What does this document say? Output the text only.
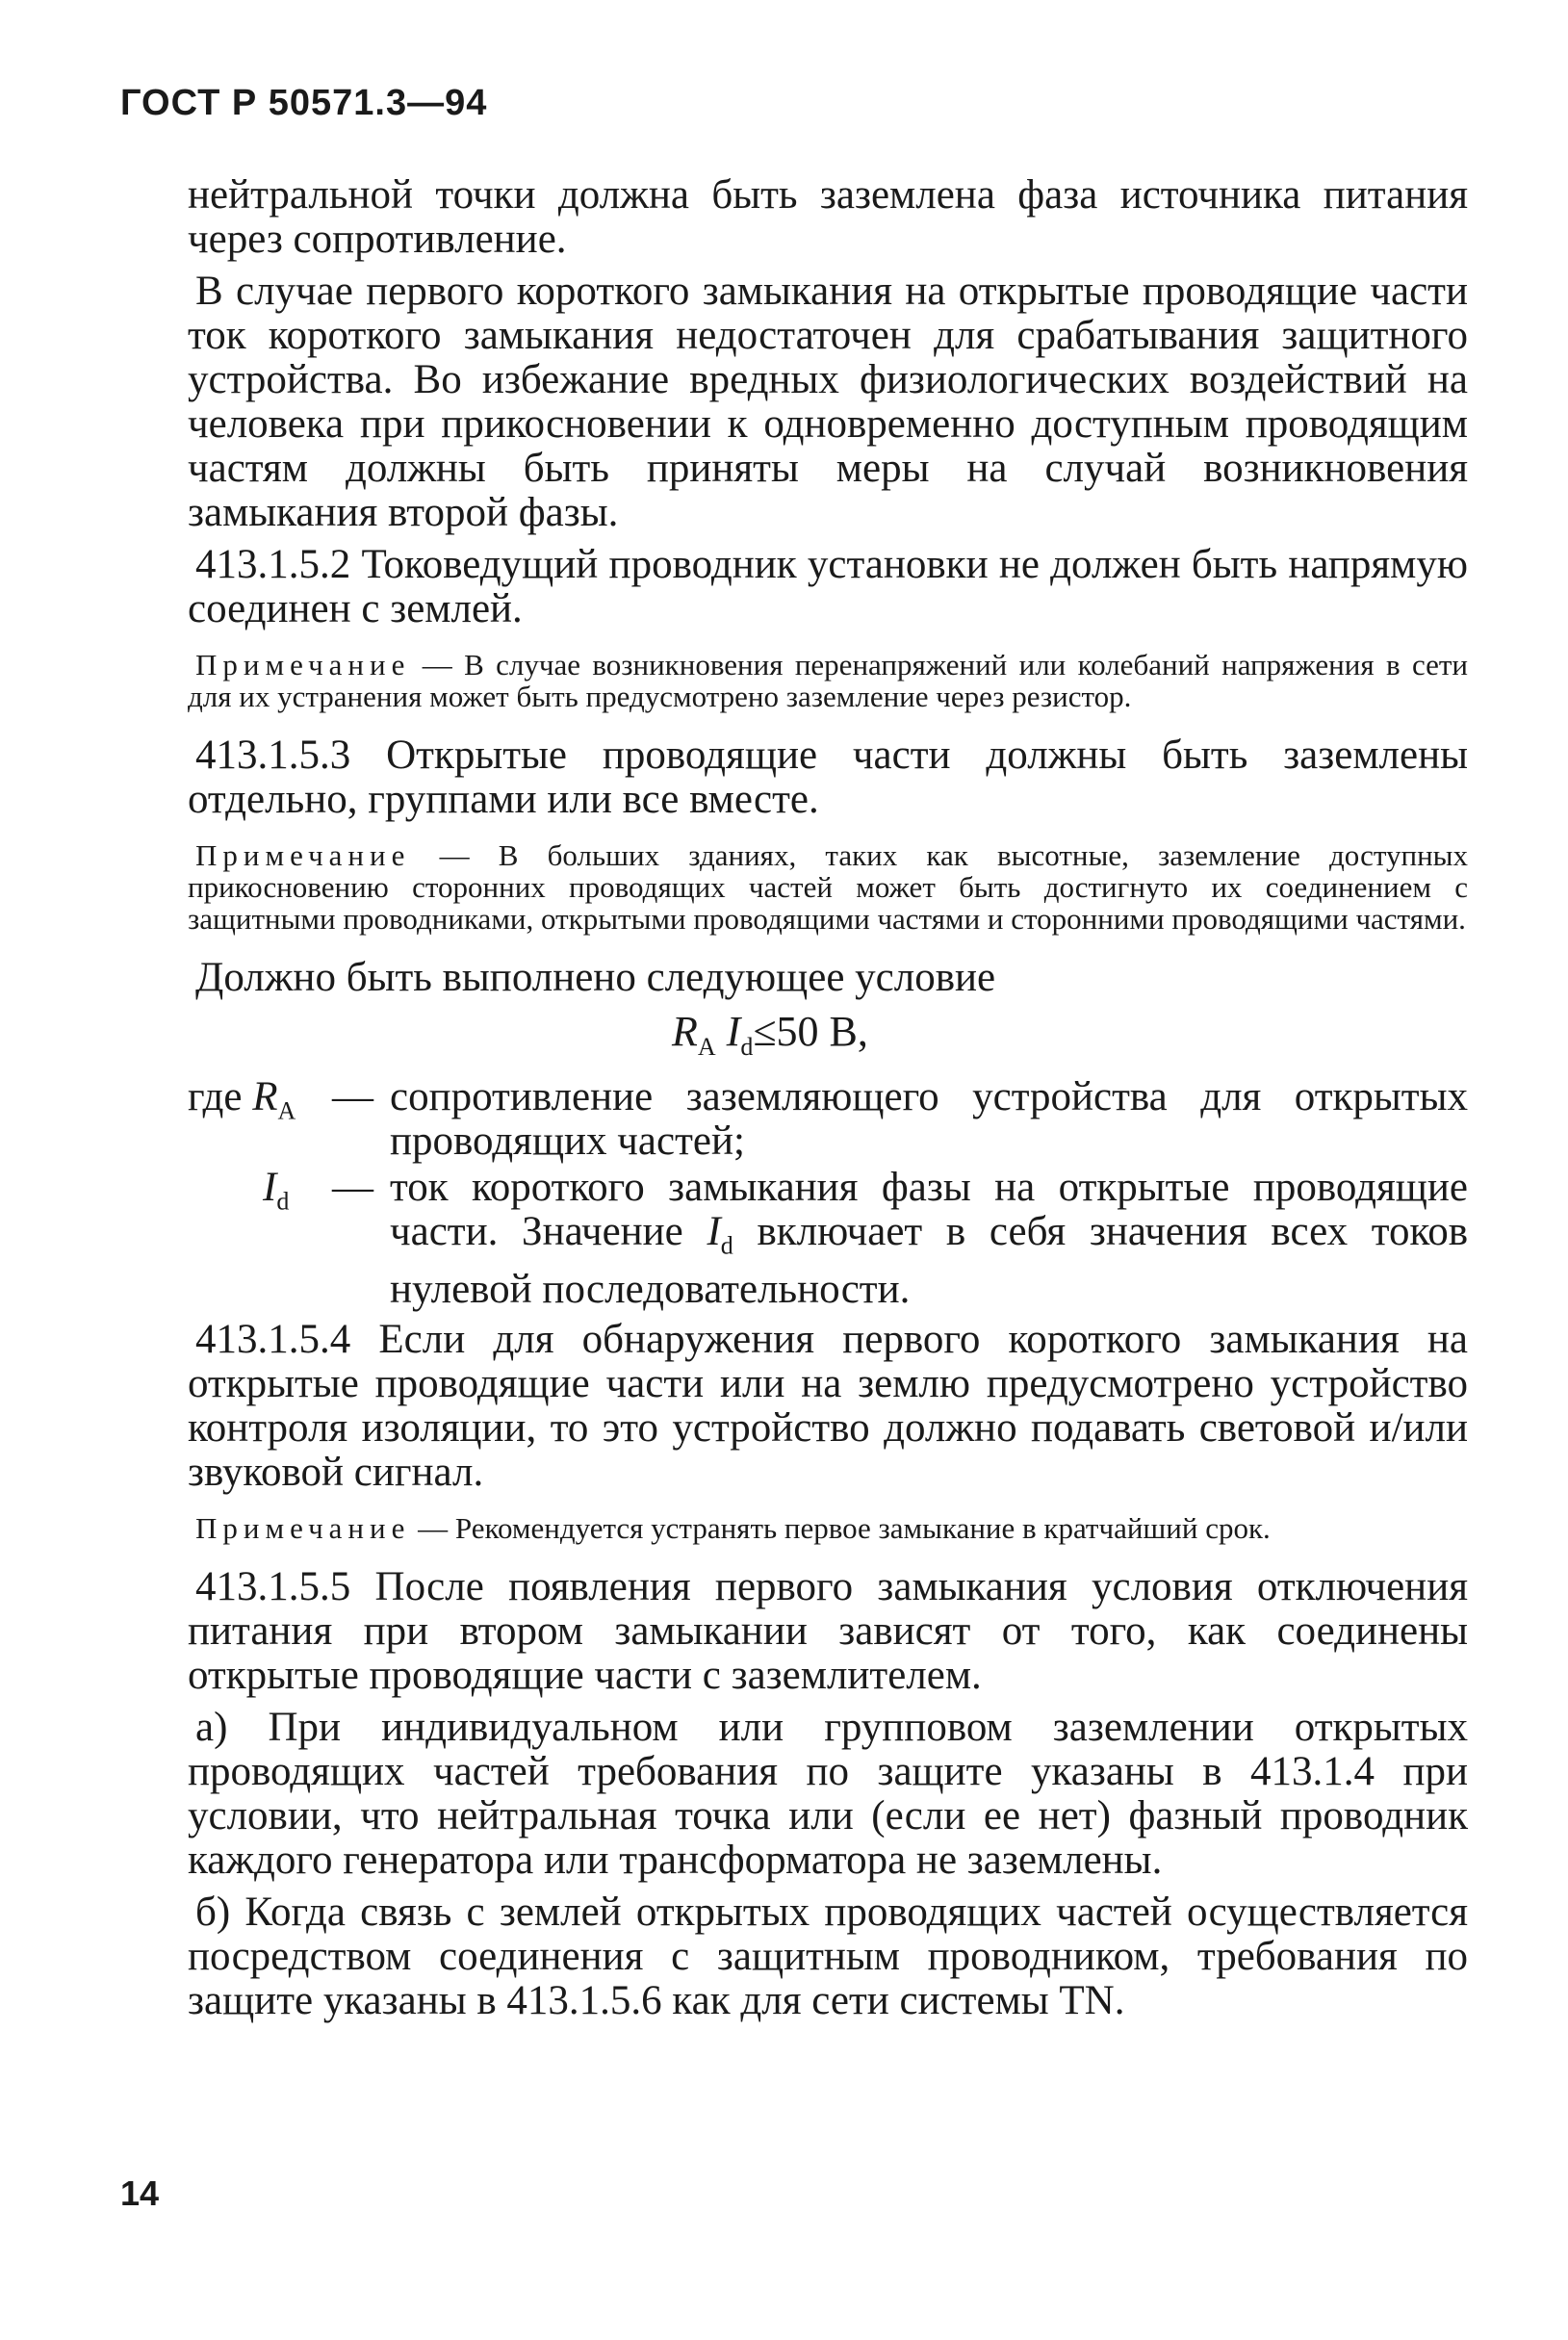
ГОСТ Р 50571.3—94

нейтральной точки должна быть заземлена фаза источника питания через сопротивление.

В случае первого короткого замыкания на открытые проводящие части ток короткого замыкания недостаточен для срабатывания защитного устройства. Во избежание вредных физиологических воздействий на человека при прикосновении к одновременно доступным проводящим частям должны быть приняты меры на случай возникновения замыкания второй фазы.

413.1.5.2 Токоведущий проводник установки не должен быть напрямую соединен с землей.

Примечание — В случае возникновения перенапряжений или колебаний напряжения в сети для их устранения может быть предусмотрено заземление через резистор.

413.1.5.3 Открытые проводящие части должны быть заземлены отдельно, группами или все вместе.

Примечание — В больших зданиях, таких как высотные, заземление доступных прикосновению сторонних проводящих частей может быть достигнуто их соединением с защитными проводниками, открытыми проводящими частями и сторонними проводящими частями.

Должно быть выполнено следующее условие

$R_A$ $I_d\le 50$ В,
где $R_A$ — сопротивление заземляющего устройства для открытых проводящих частей;
$I_d$	— ток короткого замыкания фазы на открытые проводящие части. Значение $I_d$ включает в себя значения всех токов нулевой последовательности.

413.1.5.4 Если для обнаружения первого короткого замыкания на открытые проводящие части или на землю предусмотрено устройство контроля изоляции, то это устройство должно подавать световой и/или звуковой сигнал.

Примечание — Рекомендуется устранять первое замыкание в кратчайший срок.

413.1.5.5 После появления первого замыкания условия отключения питания при втором замыкании зависят от того, как соединены открытые проводящие части с заземлителем.

а) При индивидуальном или групповом заземлении открытых проводящих частей требования по защите указаны в 413.1.4 при условии, что нейтральная точка или (если ее нет) фазный проводник каждого генератора или трансформатора не заземлены.

б) Когда связь с землей открытых проводящих частей осуществляется посредством соединения с защитным проводником, требования по защите указаны в 413.1.5.6 как для сети системы TN.

14
